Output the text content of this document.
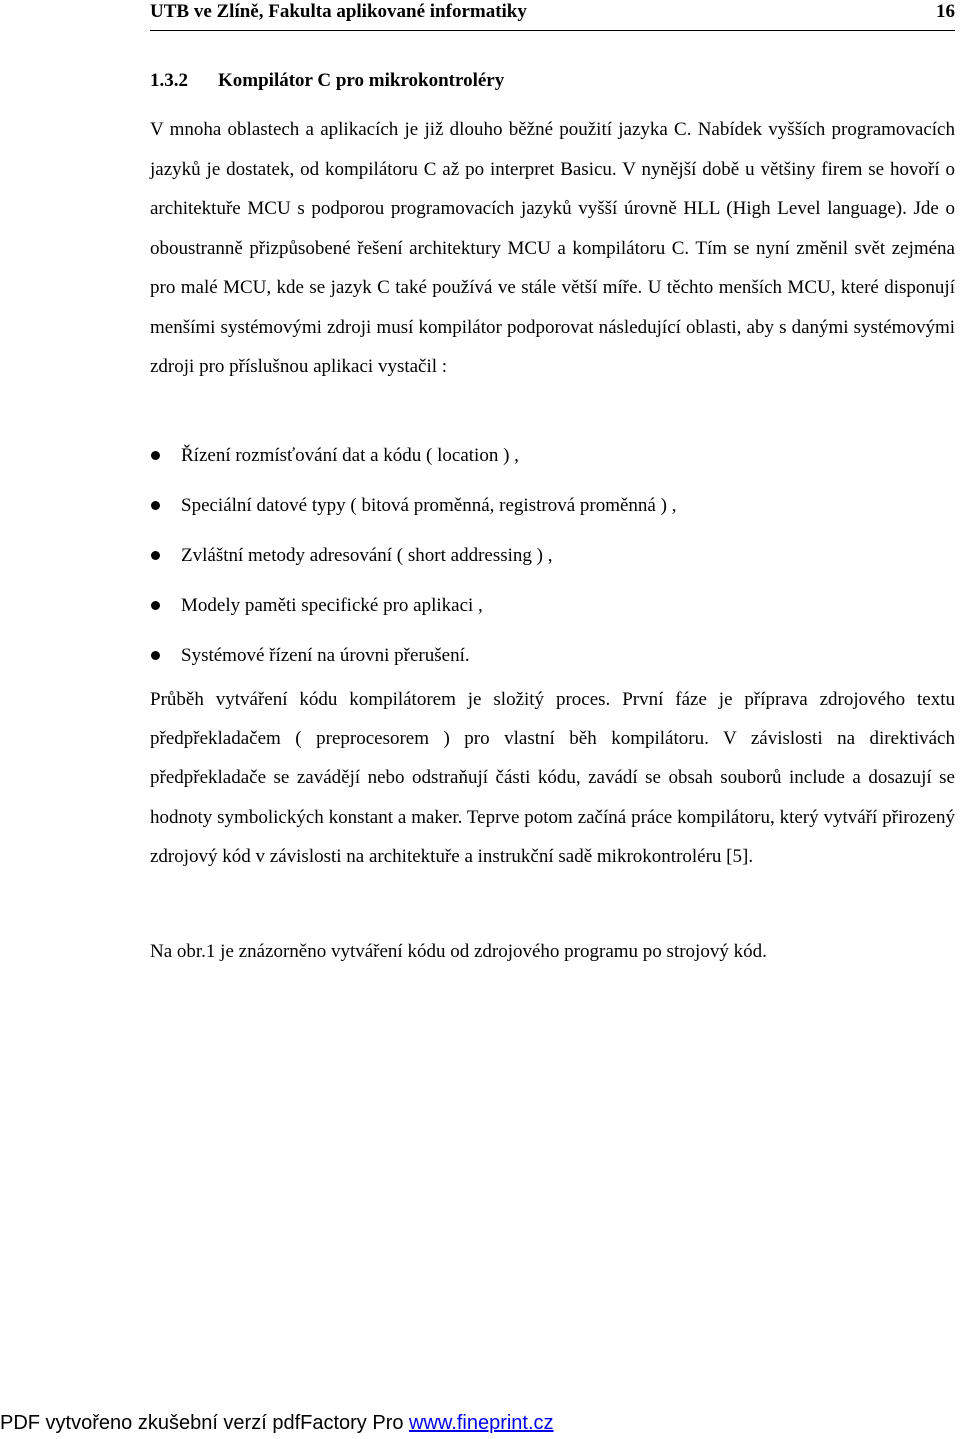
UTB ve Zlíně, Fakulta aplikované informatiky	16
1.3.2 Kompilátor C pro mikrokontroléry

V mnoha oblastech a aplikacích je již dlouho běžné použití jazyka C. Nabídek vyšších programovacích jazyků je dostatek, od kompilátoru C až po interpret Basicu. V nynější době u většiny firem se hovoří o architektuře MCU s podporou programovacích jazyků vyšší úrovně HLL (High Level language). Jde o oboustranně přizpůsobené řešení architektury MCU a kompilátoru C. Tím se nyní změnil svět zejména pro malé MCU, kde se jazyk C také používá ve stále větší míře. U těchto menších MCU, které disponují menšími systémovými zdroji musí kompilátor podporovat následující oblasti, aby s danými systémovými zdroji pro příslušnou aplikaci vystačil :

Řízení rozmísťování dat a kódu ( location ) ,
Speciální datové typy ( bitová proměnná, registrová proměnná ) ,
Zvláštní metody adresování ( short addressing ) ,
Modely paměti specifické pro aplikaci ,
Systémové řízení na úrovni přerušení.

Průběh vytváření kódu kompilátorem je složitý proces. První fáze je příprava zdrojového textu předpřekladačem ( preprocesorem ) pro vlastní běh kompilátoru. V závislosti na direktivách předpřekladače se zavádějí nebo odstraňují části kódu, zavádí se obsah souborů include a dosazují se hodnoty symbolických konstant a maker. Teprve potom začíná práce kompilátoru, který vytváří přirozený zdrojový kód v závislosti na architektuře a instrukční sadě mikrokontroléru [5].

Na obr.1 je znázorněno vytváření kódu od zdrojového programu po strojový kód.

PDF vytvořeno zkušební verzí pdfFactory Pro www.fineprint.cz
